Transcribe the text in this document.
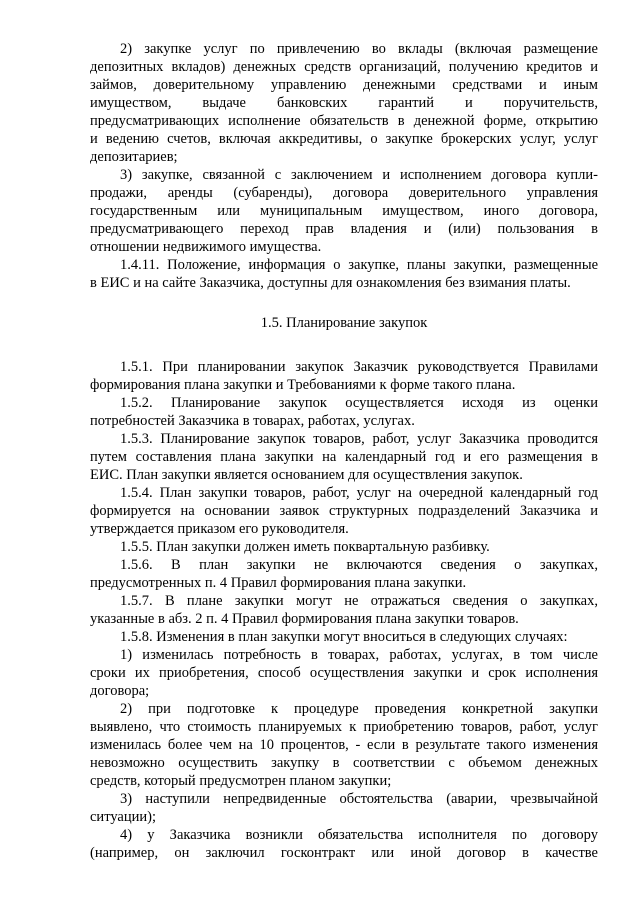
2) закупке услуг по привлечению во вклады (включая размещение
депозитных вкладов) денежных средств организаций, получению кредитов и
займов, доверительному управлению денежными средствами и иным
имуществом, выдаче банковских гарантий и поручительств,
предусматривающих исполнение обязательств в денежной форме, открытию
и ведению счетов, включая аккредитивы, о закупке брокерских услуг, услуг
депозитариев;
3) закупке, связанной с заключением и исполнением договора купли-
продажи, аренды (субаренды), договора доверительного управления
государственным или муниципальным имуществом, иного договора,
предусматривающего переход прав владения и (или) пользования в
отношении недвижимого имущества.
1.4.11. Положение, информация о закупке, планы закупки, размещенные
в ЕИС и на сайте Заказчика, доступны для ознакомления без взимания платы.
1.5. Планирование закупок
1.5.1. При планировании закупок Заказчик руководствуется Правилами
формирования плана закупки и Требованиями к форме такого плана.
1.5.2. Планирование закупок осуществляется исходя из оценки
потребностей Заказчика в товарах, работах, услугах.
1.5.3. Планирование закупок товаров, работ, услуг Заказчика проводится
путем составления плана закупки на календарный год и его размещения в
ЕИС. План закупки является основанием для осуществления закупок.
1.5.4. План закупки товаров, работ, услуг на очередной календарный год
формируется на основании заявок структурных подразделений Заказчика и
утверждается приказом его руководителя.
1.5.5. План закупки должен иметь поквартальную разбивку.
1.5.6. В план закупки не включаются сведения о закупках,
предусмотренных п. 4 Правил формирования плана закупки.
1.5.7. В плане закупки могут не отражаться сведения о закупках,
указанные в абз. 2 п. 4 Правил формирования плана закупки товаров.
1.5.8. Изменения в план закупки могут вноситься в следующих случаях:
1) изменилась потребность в товарах, работах, услугах, в том числе
сроки их приобретения, способ осуществления закупки и срок исполнения
договора;
2) при подготовке к процедуре проведения конкретной закупки
выявлено, что стоимость планируемых к приобретению товаров, работ, услуг
изменилась более чем на 10 процентов, - если в результате такого изменения
невозможно осуществить закупку в соответствии с объемом денежных
средств, который предусмотрен планом закупки;
3) наступили непредвиденные обстоятельства (аварии, чрезвычайной
ситуации);
4) у Заказчика возникли обязательства исполнителя по договору
(например, он заключил госконтракт или иной договор в качестве
